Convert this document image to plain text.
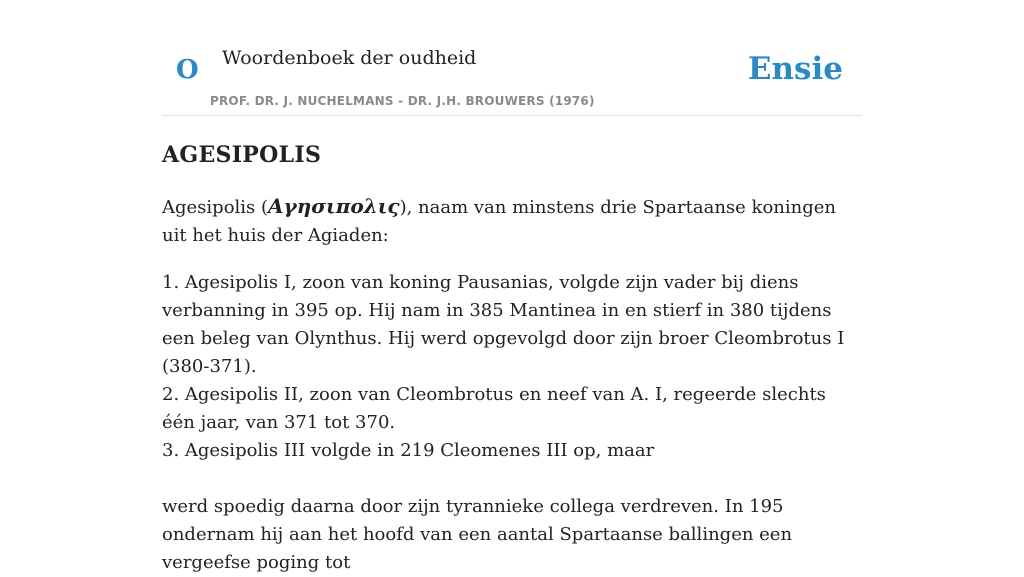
O Woordenboek der oudheid
PROF. DR. J. NUCHELMANS - DR. J.H. BROUWERS (1976)
Ensie
AGESIPOLIS

Agesipolis (Αγησιπολις), naam van minstens drie Spartaanse koningen uit het huis der Agiaden:

1. Agesipolis I, zoon van koning Pausanias, volgde zijn vader bij diens verbanning in 395 op. Hij nam in 385 Mantinea in en stierf in 380 tijdens een beleg van Olynthus. Hij werd opgevolgd door zijn broer Cleombrotus I (380-371).

2. Agesipolis II, zoon van Cleombrotus en neef van A. I, regeerde slechts één jaar, van 371 tot 370.

3. Agesipolis III volgde in 219 Cleomenes III op, maar

werd spoedig daarna door zijn tyrannieke collega verdreven. In 195 ondernam hij aan het hoofd van een aantal Spartaanse ballingen een vergeefse poging tot
